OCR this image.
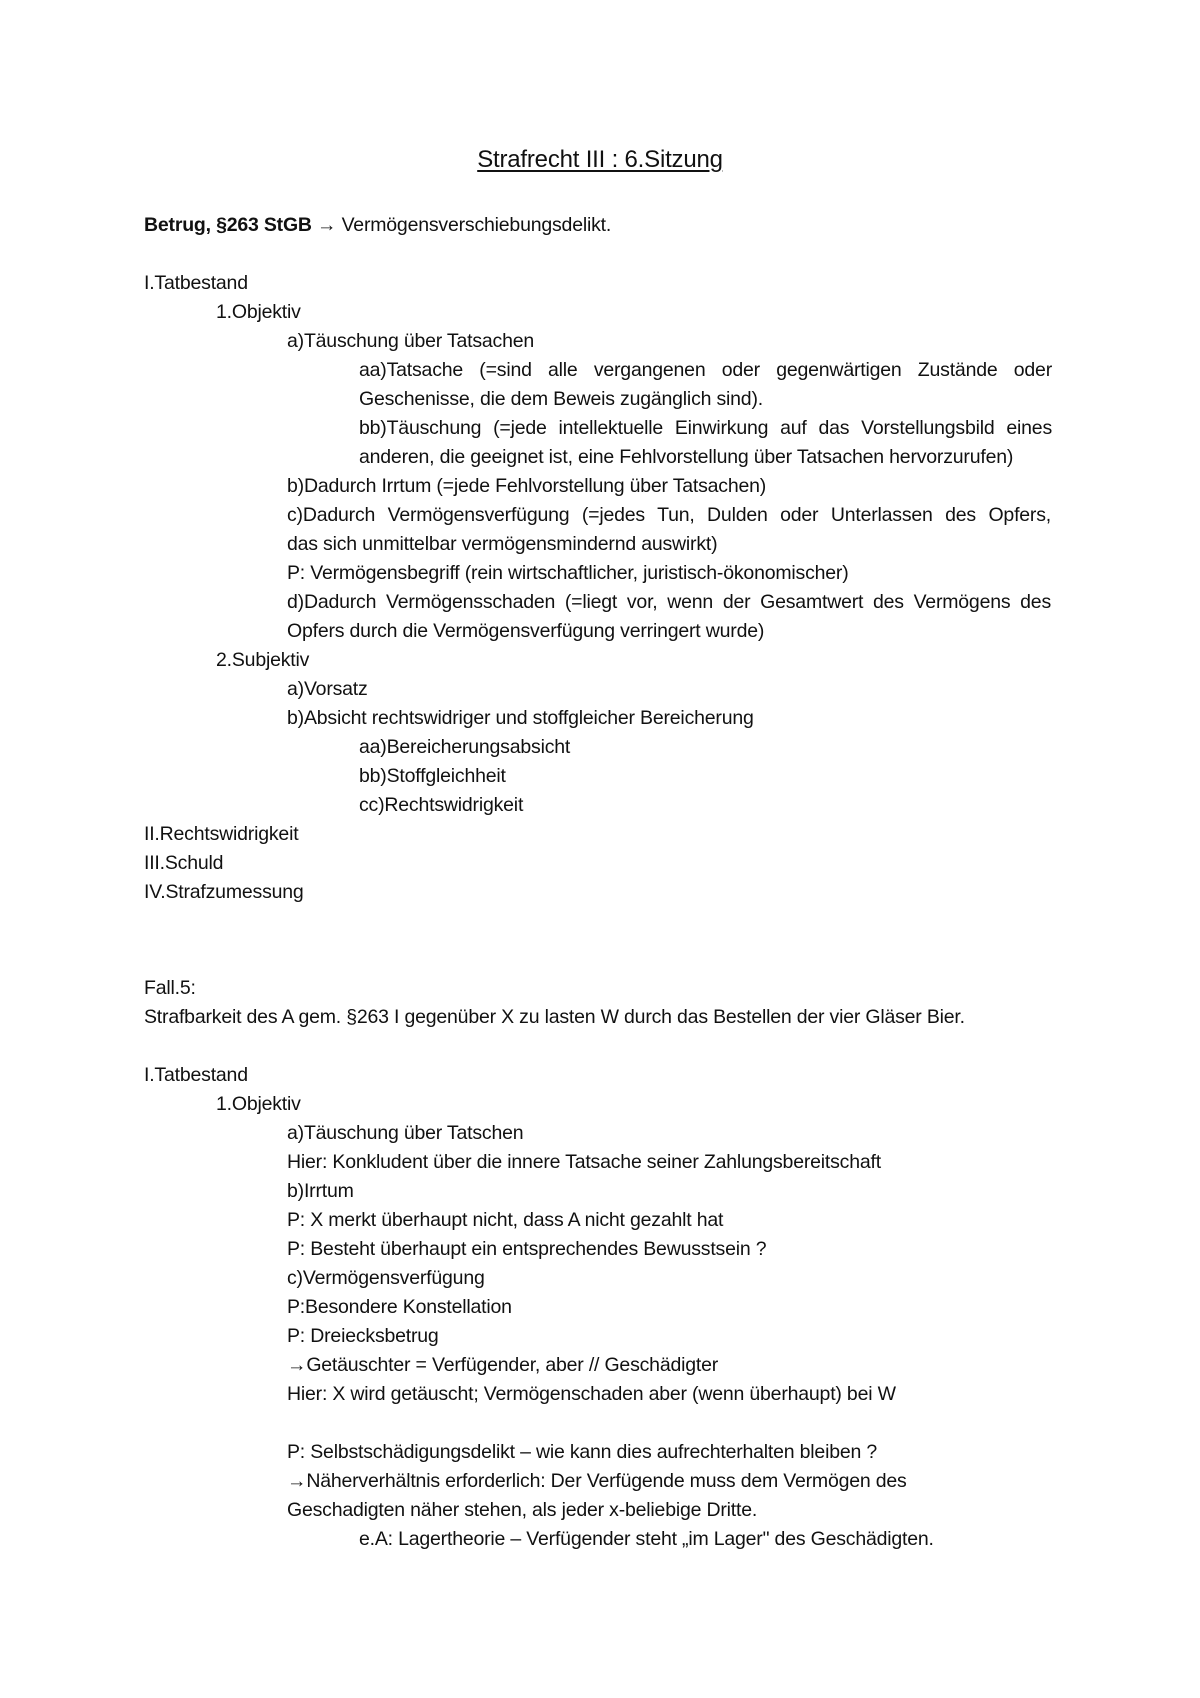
Strafrecht III : 6.Sitzung
Betrug, §263 StGB → Vermögensverschiebungsdelikt.
I.Tatbestand
1.Objektiv
a)Täuschung über Tatsachen
aa)Tatsache (=sind alle vergangenen oder gegenwärtigen Zustände oder
Geschenisse, die dem Beweis zugänglich sind).
bb)Täuschung (=jede intellektuelle Einwirkung auf das Vorstellungsbild eines
anderen, die geeignet ist, eine Fehlvorstellung über Tatsachen hervorzurufen)
b)Dadurch Irrtum (=jede Fehlvorstellung über Tatsachen)
c)Dadurch Vermögensverfügung (=jedes Tun, Dulden oder Unterlassen des Opfers,
das sich unmittelbar vermögensmindernd auswirkt)
P: Vermögensbegriff (rein wirtschaftlicher, juristisch-ökonomischer)
d)Dadurch Vermögensschaden (=liegt vor, wenn der Gesamtwert des Vermögens des
Opfers durch die Vermögensverfügung verringert wurde)
2.Subjektiv
a)Vorsatz
b)Absicht rechtswidriger und stoffgleicher Bereicherung
aa)Bereicherungsabsicht
bb)Stoffgleichheit
cc)Rechtswidrigkeit
II.Rechtswidrigkeit
III.Schuld
IV.Strafzumessung
Fall.5:
Strafbarkeit des A gem. §263 I gegenüber X zu lasten W durch das Bestellen der vier Gläser Bier.
I.Tatbestand
1.Objektiv
a)Täuschung über Tatschen
Hier: Konkludent über die innere Tatsache seiner Zahlungsbereitschaft
b)Irrtum
P: X merkt überhaupt nicht, dass A nicht gezahlt hat
P: Besteht überhaupt ein entsprechendes Bewusstsein ?
c)Vermögensverfügung
P:Besondere Konstellation
P: Dreiecksbetrug
→Getäuschter = Verfügender, aber // Geschädigter
Hier: X wird getäuscht; Vermögenschaden aber (wenn überhaupt) bei W
P: Selbstschädigungsdelikt – wie kann dies aufrechterhalten bleiben ?
→Näherverhältnis erforderlich: Der Verfügende muss dem Vermögen des
Geschadigten näher stehen, als jeder x-beliebige Dritte.
e.A: Lagertheorie – Verfügender steht „im Lager" des Geschädigten.
